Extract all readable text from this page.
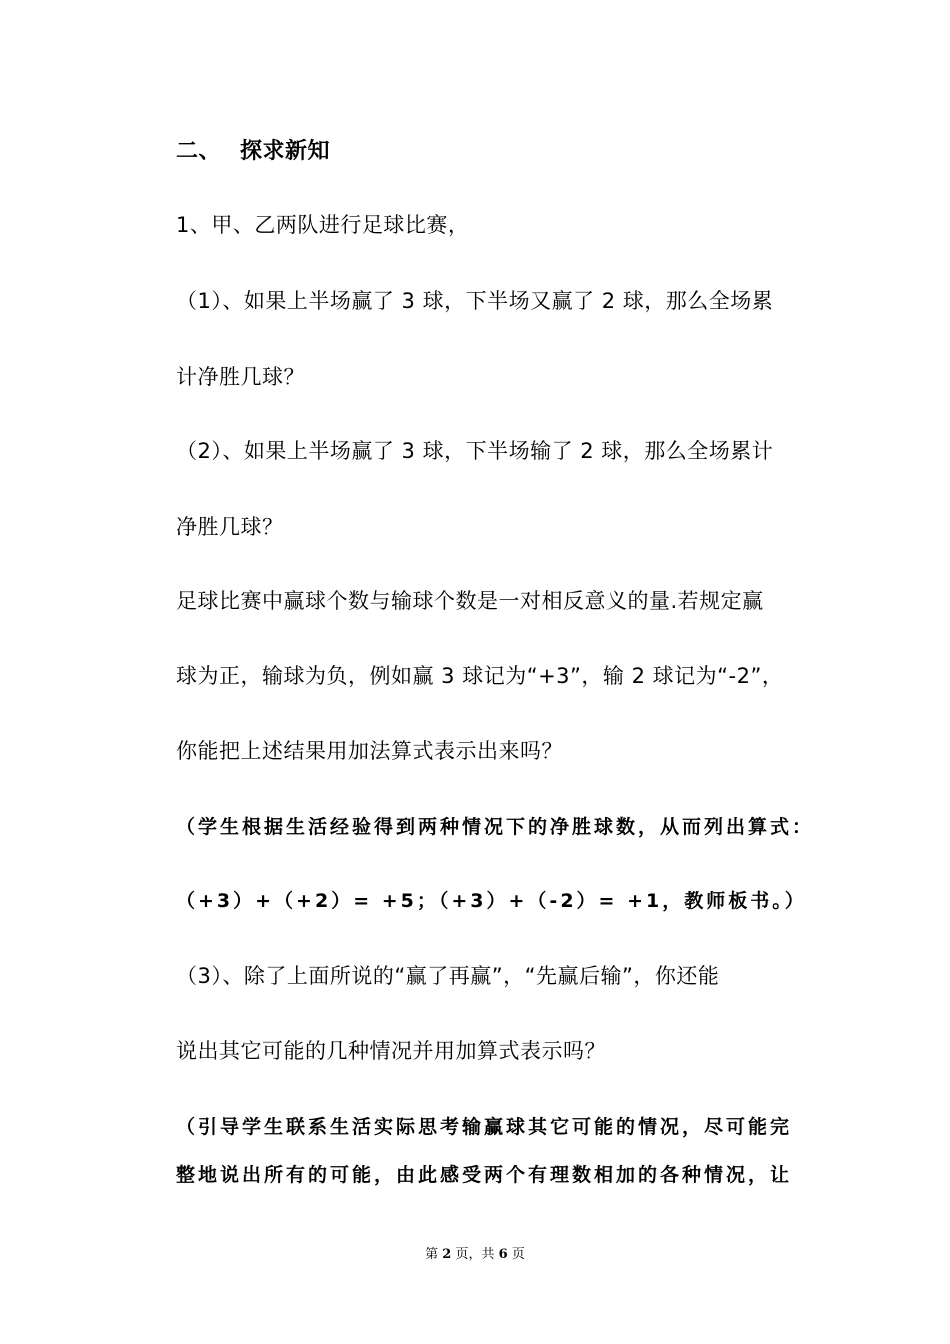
二、 探求新知
1、甲、乙两队进行足球比赛，
（1）、如果上半场赢了 3 球，下半场又赢了 2 球，那么全场累
计净胜几球？
（2）、如果上半场赢了 3 球，下半场输了 2 球，那么全场累计
净胜几球？
足球比赛中赢球个数与输球个数是一对相反意义的量.若规定赢
球为正，输球为负，例如赢 3 球记为“+3”，输 2 球记为“-2”，
你能把上述结果用加法算式表示出来吗？
（学生根据生活经验得到两种情况下的净胜球数，从而列出算式：
（+3）+（+2）= +5；（+3）+（-2）= +1，教师板书。）
（3）、除了上面所说的“赢了再赢”，“先赢后输”，你还能
说出其它可能的几种情况并用加算式表示吗？
（引导学生联系生活实际思考输赢球其它可能的情况，尽可能完
整地说出所有的可能，由此感受两个有理数相加的各种情况，让
第 2 页，共 6 页
